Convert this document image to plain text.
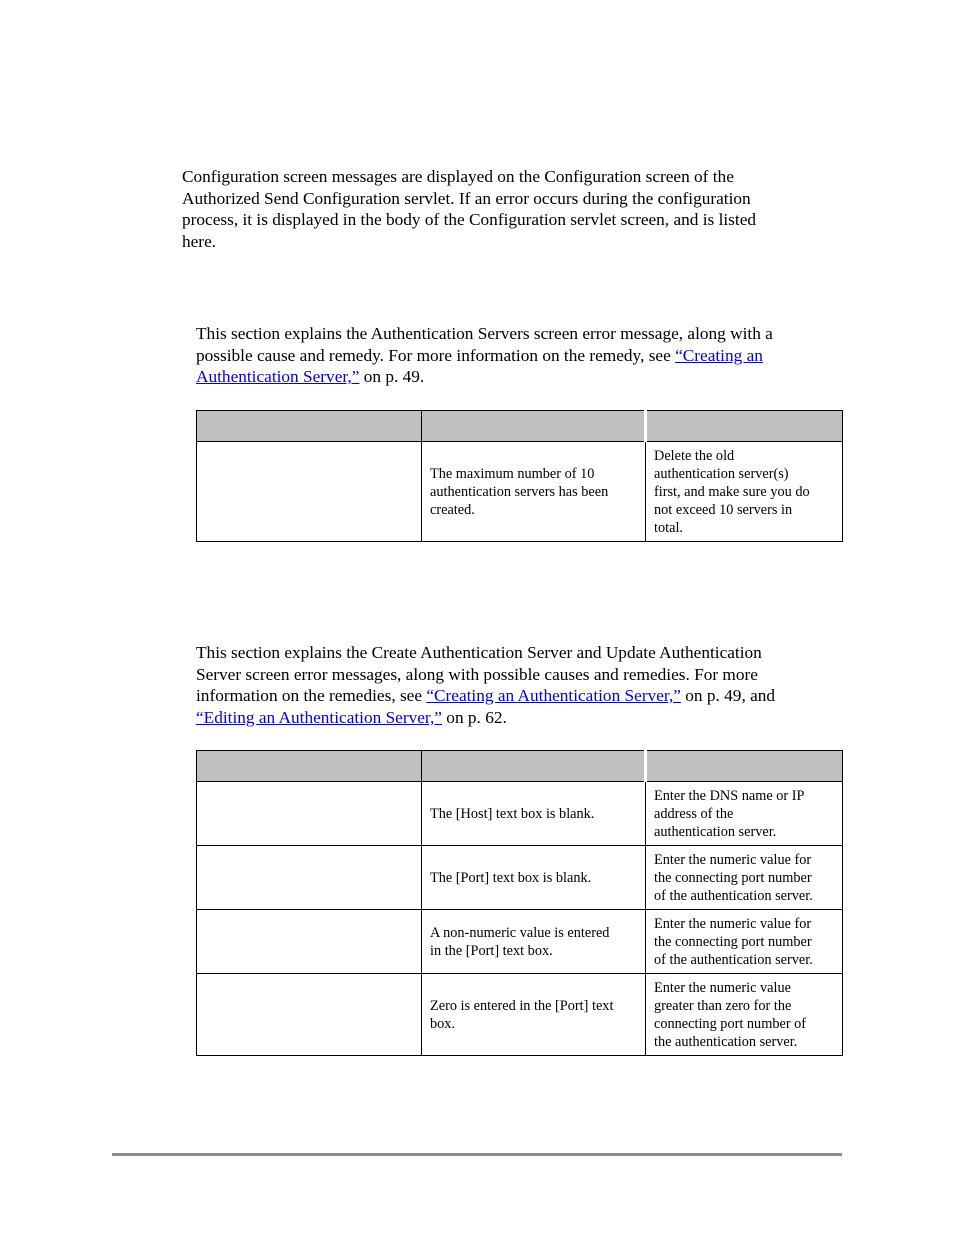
Configuration screen messages are displayed on the Configuration screen of the
Authorized Send Configuration servlet. If an error occurs during the configuration
process, it is displayed in the body of the Configuration servlet screen, and is listed
here.
This section explains the Authentication Servers screen error message, along with a
possible cause and remedy. For more information on the remedy, see “Creating an
Authentication Server,” on p. 49.

	The maximum number of 10
authentication servers has been
created.	Delete the old
authentication server(s)
first, and make sure you do
not exceed 10 servers in
total.
This section explains the Create Authentication Server and Update Authentication
Server screen error messages, along with possible causes and remedies. For more
information on the remedies, see “Creating an Authentication Server,” on p. 49, and
“Editing an Authentication Server,” on p. 62.

	The [Host] text box is blank.	Enter the DNS name or IP
address of the
authentication server.

	The [Port] text box is blank.	Enter the numeric value for
the connecting port number
of the authentication server.

	A non-numeric value is entered
in the [Port] text box.	Enter the numeric value for
the connecting port number
of the authentication server.

	Zero is entered in the [Port] text
box.	Enter the numeric value
greater than zero for the
connecting port number of
the authentication server.
